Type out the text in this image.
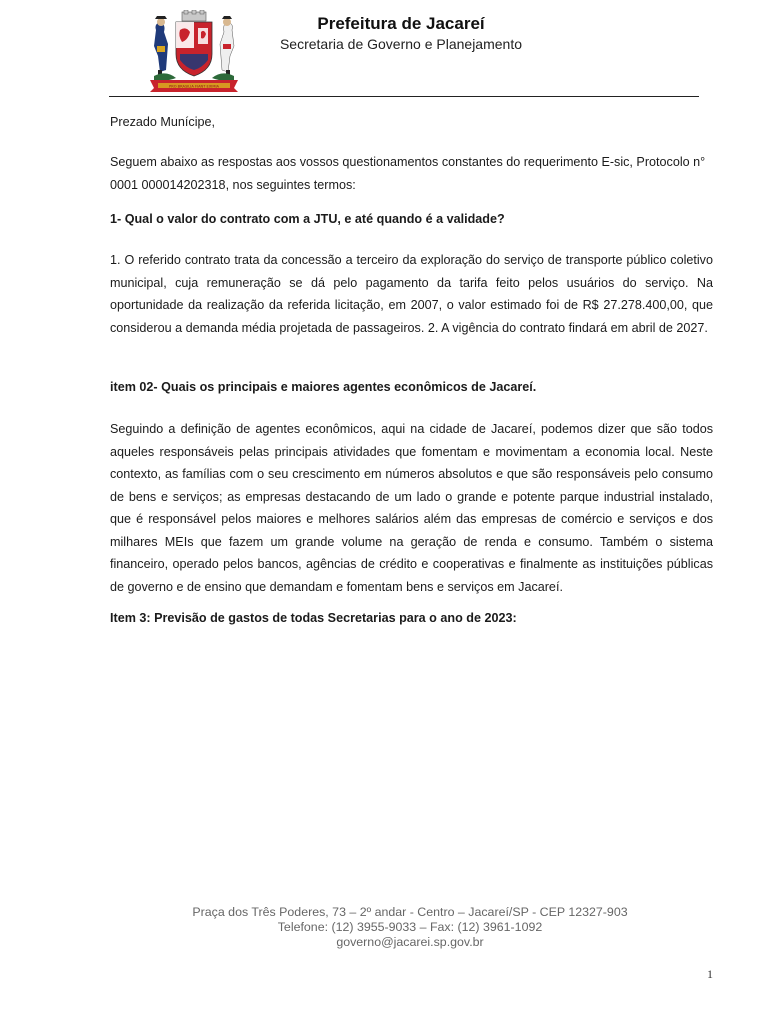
PRO BRASILIA FIANT EXIMIA
Prefeitura de Jacareí
Secretaria de Governo e Planejamento
Prezado Munícipe,
Seguem abaixo as respostas aos vossos questionamentos constantes do requerimento E-sic, Protocolo n° 0001 000014202318, nos seguintes termos:
1- Qual o valor do contrato com a JTU, e até quando é a validade?
1. O referido contrato trata da concessão a terceiro da exploração do serviço de transporte público coletivo municipal, cuja remuneração se dá pelo pagamento da tarifa feito pelos usuários do serviço. Na oportunidade da realização da referida licitação, em 2007, o valor estimado foi de R$ 27.278.400,00, que considerou a demanda média projetada de passageiros. 2. A vigência do contrato findará em abril de 2027.
item 02- Quais os principais e maiores agentes econômicos de Jacareí.
Seguindo a definição de agentes econômicos, aqui na cidade de Jacareí, podemos dizer que são todos aqueles responsáveis pelas principais atividades que fomentam e movimentam a economia local. Neste contexto, as famílias com o seu crescimento em números absolutos e que são responsáveis pelo consumo de bens e serviços; as empresas destacando de um lado o grande e potente parque industrial instalado, que é responsável pelos maiores e melhores salários além das empresas de comércio e serviços e dos milhares MEIs que fazem um grande volume na geração de renda e consumo. Também o sistema financeiro, operado pelos bancos, agências de crédito e cooperativas e finalmente as instituições públicas de governo e de ensino que demandam e fomentam bens e serviços em Jacareí.
Item 3: Previsão de gastos de todas Secretarias para o ano de 2023:
Praça dos Três Poderes, 73 – 2º andar - Centro – Jacareí/SP - CEP 12327-903
Telefone: (12) 3955-9033 – Fax: (12) 3961-1092
governo@jacarei.sp.gov.br
1
